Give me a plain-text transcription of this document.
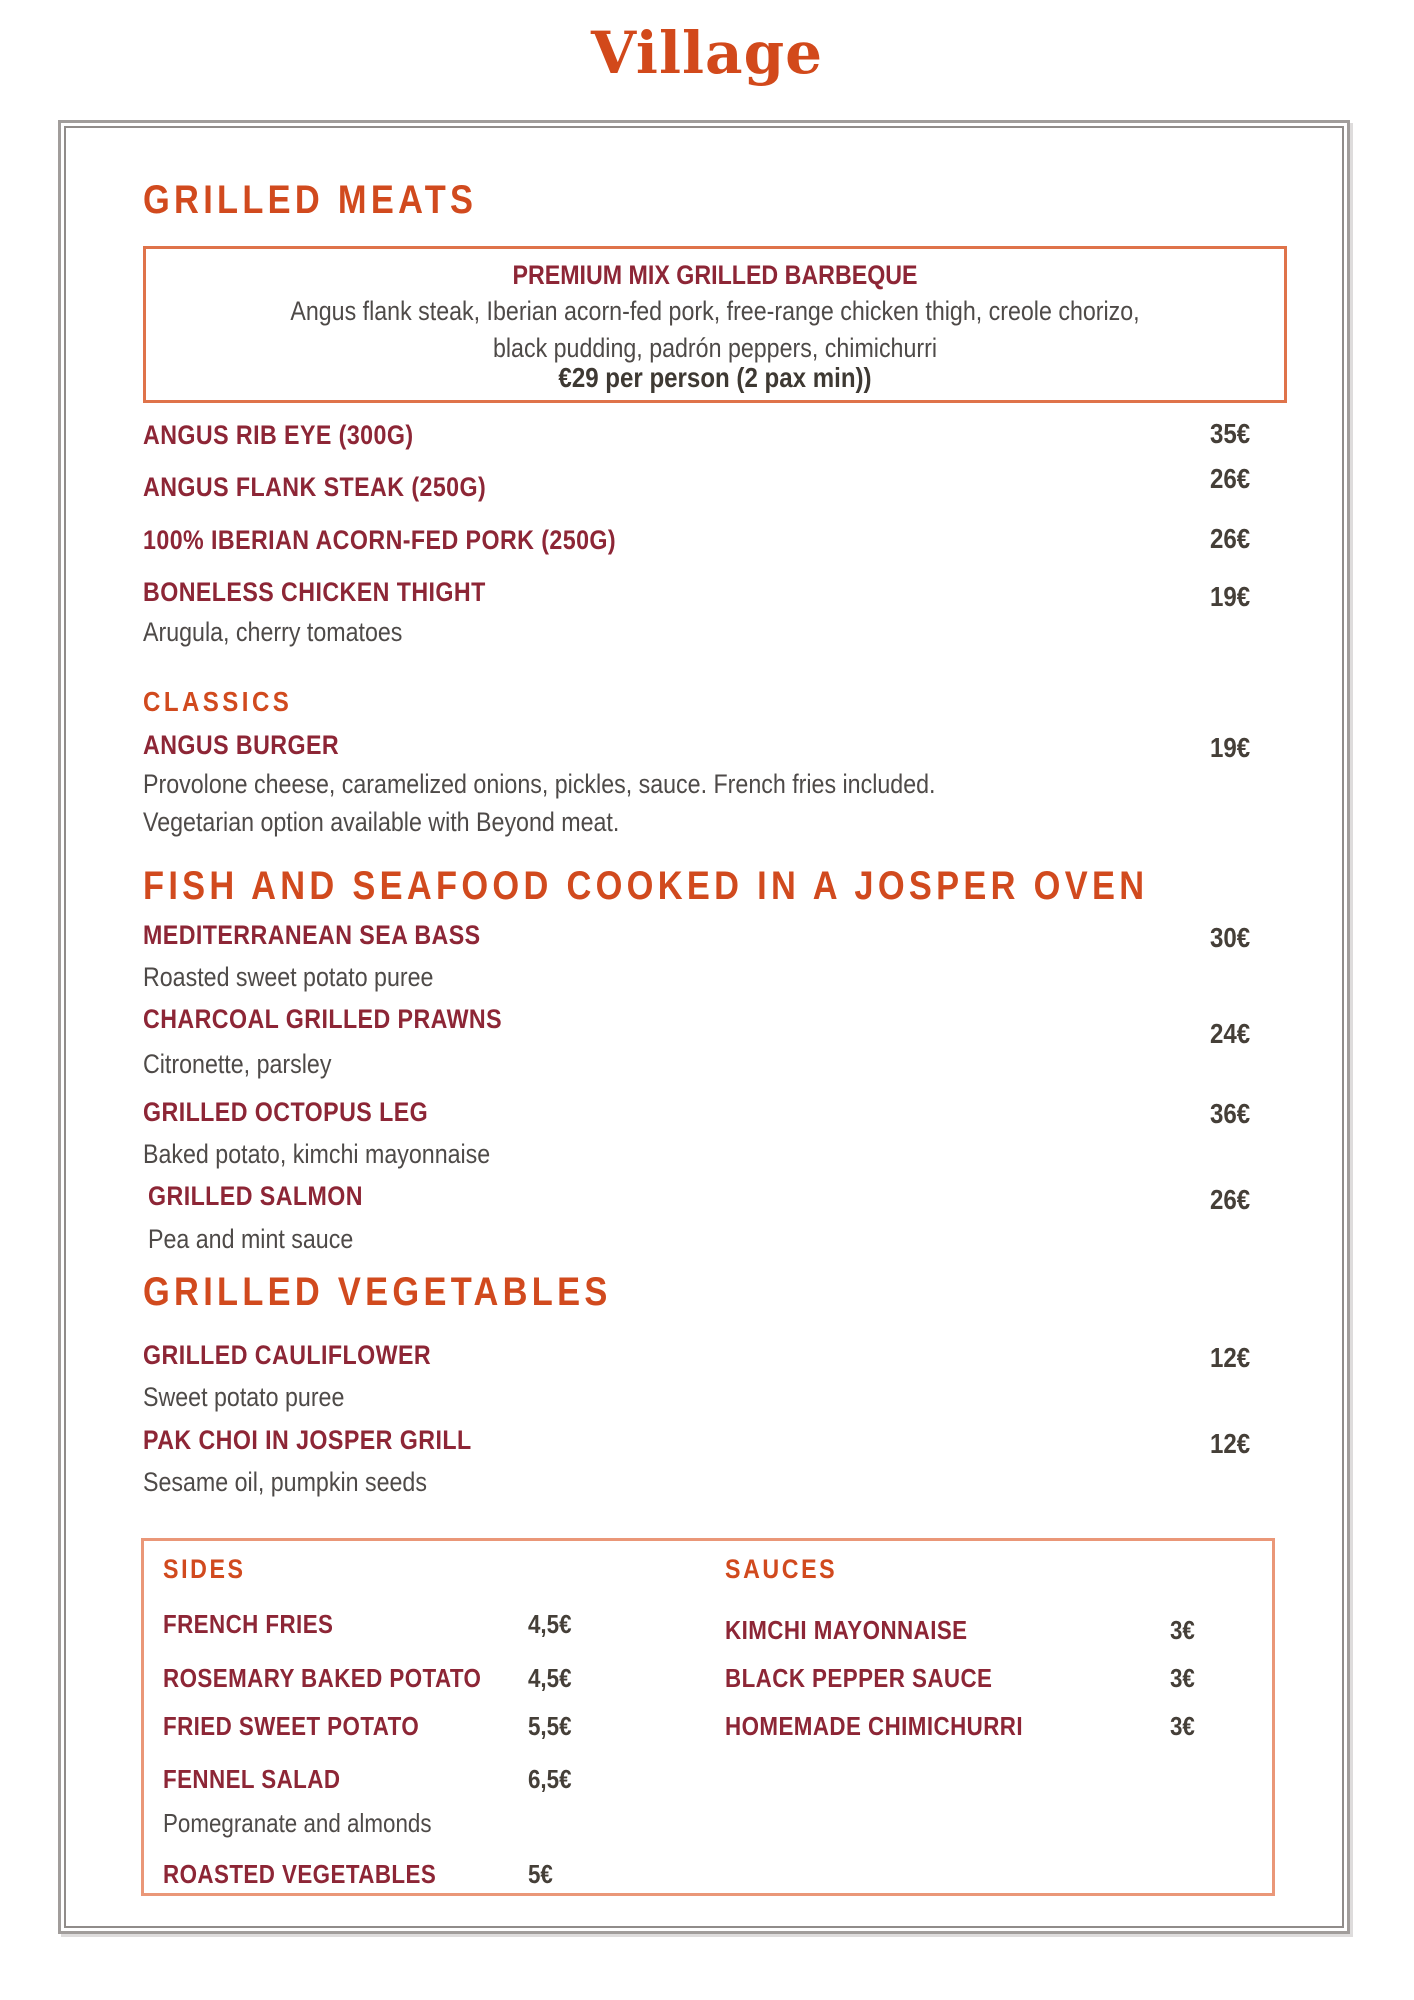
Village
GRILLED MEATS
PREMIUM MIX GRILLED BARBEQUE
Angus flank steak, Iberian acorn-fed pork, free-range chicken thigh, creole chorizo,
black pudding, padrón peppers, chimichurri
€29 per person (2 pax min))
ANGUS RIB EYE (300G)	35€
ANGUS FLANK STEAK (250G)	26€
100% IBERIAN ACORN-FED PORK (250G)	26€
BONELESS CHICKEN THIGHT	19€
Arugula, cherry tomatoes
CLASSICS
ANGUS BURGER	19€
Provolone cheese, caramelized onions, pickles, sauce. French fries included.
Vegetarian option available with Beyond meat.
FISH AND SEAFOOD COOKED IN A JOSPER OVEN
MEDITERRANEAN SEA BASS	30€
Roasted sweet potato puree
CHARCOAL GRILLED PRAWNS	24€
Citronette, parsley
GRILLED OCTOPUS LEG	36€
Baked potato, kimchi mayonnaise
GRILLED SALMON	26€
Pea and mint sauce
GRILLED VEGETABLES
GRILLED CAULIFLOWER	12€
Sweet potato puree
PAK CHOI IN JOSPER GRILL	12€
Sesame oil, pumpkin seeds
SIDES	SAUCES
FRENCH FRIES	4,5€
ROSEMARY BAKED POTATO 4,5€
FRIED SWEET POTATO	5,5€
FENNEL SALAD	6,5€
Pomegranate and almonds
ROASTED VEGETABLES	5€
KIMCHI MAYONNAISE	3€
BLACK PEPPER SAUCE	3€
HOMEMADE CHIMICHURRI	3€
